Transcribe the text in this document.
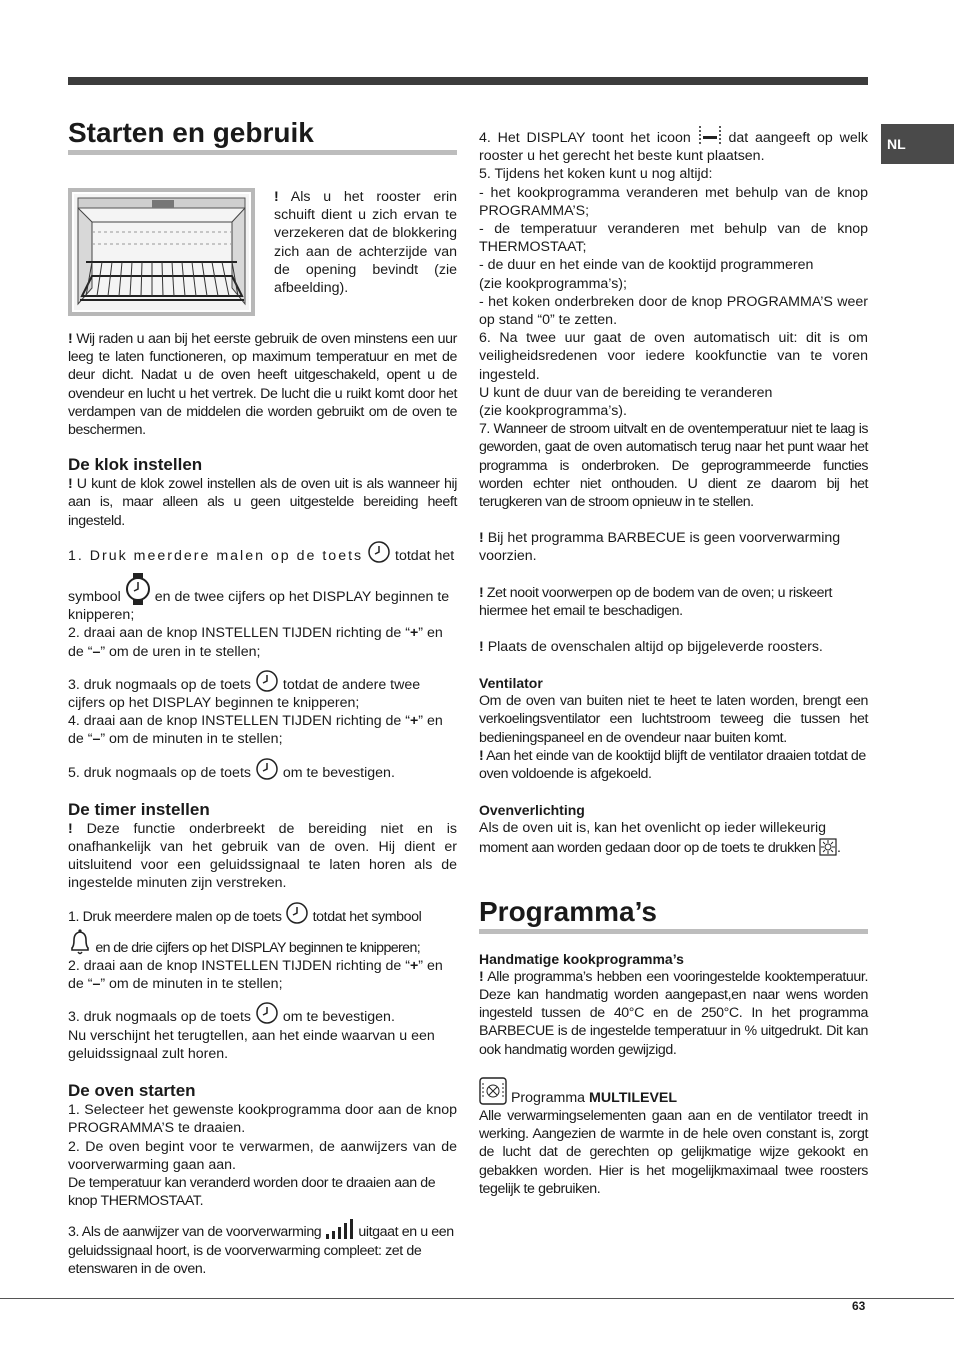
NL
Starten en gebruik

! Als u het rooster erin schuift dient u zich ervan te verzekeren dat de blokkering zich aan de achterzijde van de opening bevindt (zie afbeelding).

! Wij raden u aan bij het eerste gebruik de oven minstens een uur leeg te laten functioneren, op maximum temperatuur en met de deur dicht. Nadat u de oven heeft uitgeschakeld, opent u de ovendeur en lucht u het vertrek. De lucht die u ruikt komt door het verdampen van de middelen die worden gebruikt om de oven te beschermen.

De klok instellen

! U kunt de klok zowel instellen als de oven uit is als wanneer hij aan is, maar alleen als u geen uitgestelde bereiding heeft ingesteld.

1. Druk meerdere malen op de toets totdat het

symbool en de twee cijfers op het DISPLAY beginnen te knipperen;

2. draai aan de knop INSTELLEN TIJDEN richting de “+” en de “–” om de uren in te stellen;

3. druk nogmaals op de toets totdat de andere twee cijfers op het DISPLAY beginnen te knipperen;

4. draai aan de knop INSTELLEN TIJDEN richting de “+” en de “–” om de minuten in te stellen;

5. druk nogmaals op de toets om te bevestigen.

De timer instellen

! Deze functie onderbreekt de bereiding niet en is onafhankelijk van het gebruik van de oven. Hij dient er uitsluitend voor een geluidssignaal te laten horen als de ingestelde minuten zijn verstreken.

1. Druk meerdere malen op de toets totdat het symbool

en de drie cijfers op het DISPLAY beginnen te knipperen;

2. draai aan de knop INSTELLEN TIJDEN richting de “+” en de “–” om de minuten in te stellen;

3. druk nogmaals op de toets om te bevestigen.

Nu verschijnt het terugtellen, aan het einde waarvan u een geluidssignaal zult horen.

De oven starten

1. Selecteer het gewenste kookprogramma door aan de knop PROGRAMMA’S te draaien.

2. De oven begint voor te verwarmen, de aanwijzers van de voorverwarming gaan aan.

De temperatuur kan veranderd worden door te draaien aan de knop THERMOSTAAT.

3. Als de aanwijzer van de voorverwarming	uitgaat en u een geluidssignaal hoort, is de voorverwarming compleet: zet de etenswaren in de oven.

4. Het DISPLAY toont het icoon	dat aangeeft op welk rooster u het gerecht het beste kunt plaatsen.

5. Tijdens het koken kunt u nog altijd:

- het kookprogramma veranderen met behulp van de knop PROGRAMMA’S;

- de temperatuur veranderen met behulp van de knop THERMOSTAAT;

- de duur en het einde van de kooktijd programmeren

(zie kookprogramma’s);

- het koken onderbreken door de knop PROGRAMMA’S weer op stand “0” te zetten.

6. Na twee uur gaat de oven automatisch uit: dit is om veiligheidsredenen voor iedere kookfunctie van te voren ingesteld.

U kunt de duur van de bereiding te veranderen

(zie kookprogramma’s).

7. Wanneer de stroom uitvalt en de oventemperatuur niet te laag is geworden, gaat de oven automatisch terug naar het punt waar het programma is onderbroken. De geprogrammeerde functies worden echter niet onthouden. U dient ze daarom bij het terugkeren van de stroom opnieuw in te stellen.

! Bij het programma BARBECUE is geen voorverwarming voorzien.

! Zet nooit voorwerpen op de bodem van de oven; u riskeert hiermee het email te beschadigen.

! Plaats de ovenschalen altijd op bijgeleverde roosters.

Ventilator

Om de oven van buiten niet te heet te laten worden, brengt een verkoelingsventilator een luchtstroom teweeg die tussen het bedieningspaneel en de ovendeur naar buiten komt.

! Aan het einde van de kooktijd blijft de ventilator draaien totdat de oven voldoende is afgekoeld.

Ovenverlichting

Als de oven uit is, kan het ovenlicht op ieder willekeurig

moment aan worden gedaan door op de toets te drukken .

Programma’s
Handmatige kookprogramma’s

! Alle programma’s hebben een vooringestelde kooktemperatuur. Deze kan handmatig worden aangepast,en naar wens worden ingesteld tussen de 40°C en de 250°C. In het programma BARBECUE is de ingestelde temperatuur in % uitgedrukt. Dit kan ook handmatig worden gewijzigd.

Programma MULTILEVEL

Alle verwarmingselementen gaan aan en de ventilator treedt in werking. Aangezien de warmte in de hele oven constant is, zorgt de lucht dat de gerechten op gelijkmatige wijze gekookt en gebakken worden. Hier is het mogelijkmaximaal twee roosters tegelijk te gebruiken.

63
